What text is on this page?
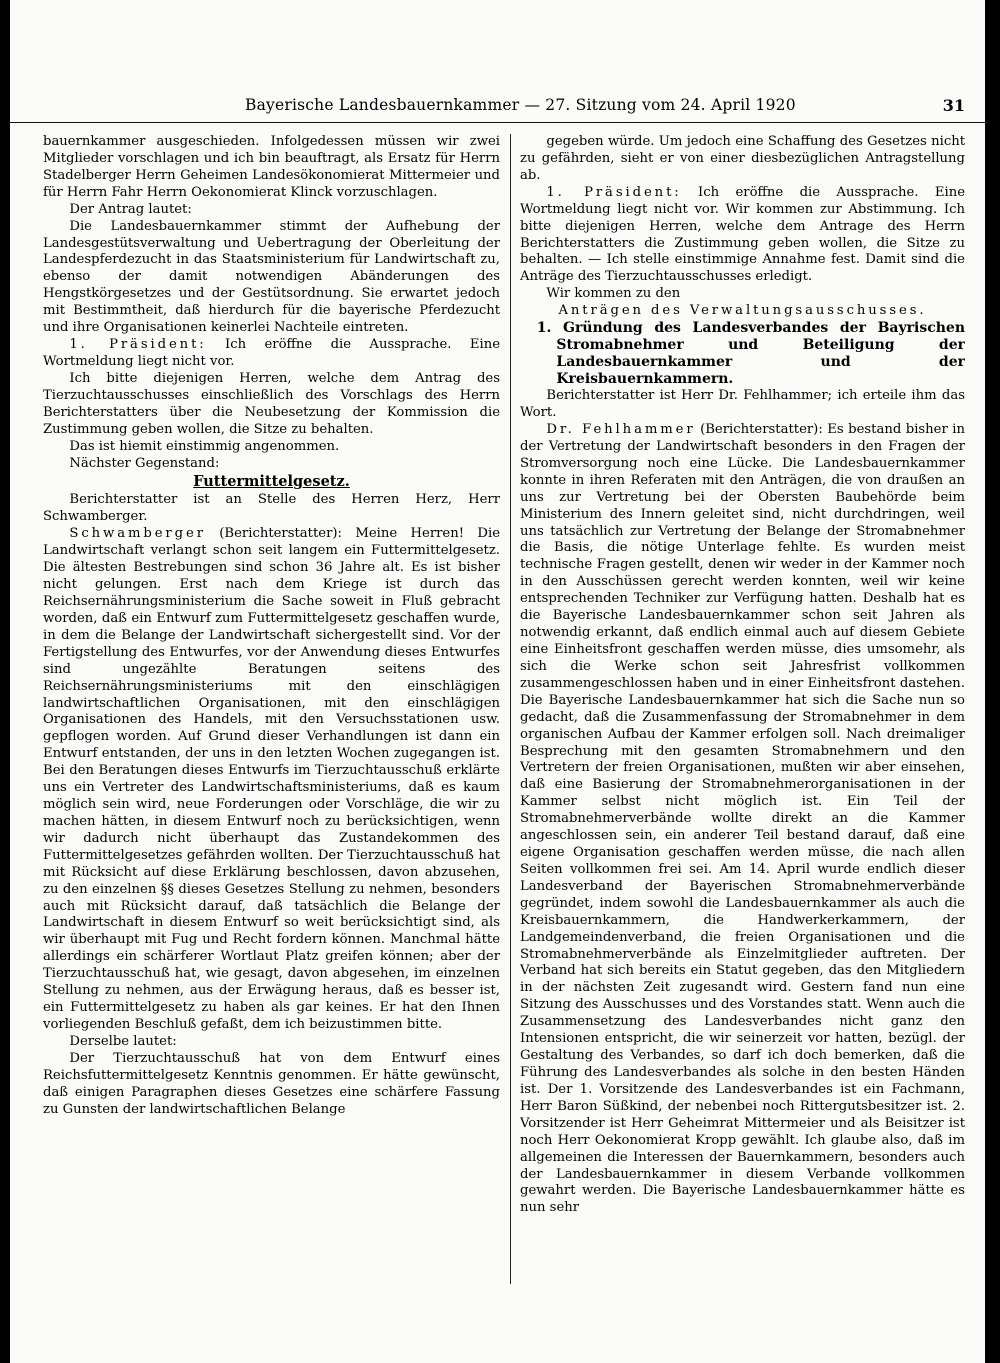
Bayerische Landesbauernkammer — 27. Sitzung vom 24. April 1920	31

bauernkammer ausgeschieden. Infolgedessen müssen wir zwei Mitglieder vorschlagen und ich bin beauftragt, als Ersatz für Herrn Stadelberger Herrn Geheimen Landesökonomierat Mittermeier und für Herrn Fahr Herrn Oekonomierat Klinck vorzuschlagen.

Der Antrag lautet:

Die Landesbauernkammer stimmt der Aufhebung der Landesgestütsverwaltung und Uebertragung der Oberleitung der Landespferdezucht in das Staatsministerium für Landwirtschaft zu, ebenso der damit notwendigen Abänderungen des Hengstkörgesetzes und der Gestütsordnung. Sie erwartet jedoch mit Bestimmtheit, daß hierdurch für die bayerische Pferdezucht und ihre Organisationen keinerlei Nachteile eintreten.

1. Präsident: Ich eröffne die Aussprache. Eine Wortmeldung liegt nicht vor.

Ich bitte diejenigen Herren, welche dem Antrag des Tierzuchtausschusses einschließlich des Vorschlags des Herrn Berichterstatters über die Neubesetzung der Kommission die Zustimmung geben wollen, die Sitze zu behalten.

Das ist hiemit einstimmig angenommen.

Nächster Gegenstand:

Futtermittelgesetz.

Berichterstatter ist an Stelle des Herren Herz, Herr Schwamberger.

Schwamberger (Berichterstatter): Meine Herren! Die Landwirtschaft verlangt schon seit langem ein Futtermittelgesetz. Die ältesten Bestrebungen sind schon 36 Jahre alt. Es ist bisher nicht gelungen. Erst nach dem Kriege ist durch das Reichsernährungsministerium die Sache soweit in Fluß gebracht worden, daß ein Entwurf zum Futtermittelgesetz geschaffen wurde, in dem die Belange der Landwirtschaft sichergestellt sind. Vor der Fertigstellung des Entwurfes, vor der Anwendung dieses Entwurfes sind ungezählte Beratungen seitens des Reichsernährungsministeriums mit den einschlägigen landwirtschaftlichen Organisationen, mit den einschlägigen Organisationen des Handels, mit den Versuchsstationen usw. gepflogen worden. Auf Grund dieser Verhandlungen ist dann ein Entwurf entstanden, der uns in den letzten Wochen zugegangen ist. Bei den Beratungen dieses Entwurfs im Tierzuchtausschuß erklärte uns ein Vertreter des Landwirtschaftsministeriums, daß es kaum möglich sein wird, neue Forderungen oder Vorschläge, die wir zu machen hätten, in diesem Entwurf noch zu berücksichtigen, wenn wir dadurch nicht überhaupt das Zustandekommen des Futtermittelgesetzes gefährden wollten. Der Tierzuchtausschuß hat mit Rücksicht auf diese Erklärung beschlossen, davon abzusehen, zu den einzelnen §§ dieses Gesetzes Stellung zu nehmen, besonders auch mit Rücksicht darauf, daß tatsächlich die Belange der Landwirtschaft in diesem Entwurf so weit berücksichtigt sind, als wir überhaupt mit Fug und Recht fordern können. Manchmal hätte allerdings ein schärferer Wortlaut Platz greifen können; aber der Tierzuchtausschuß hat, wie gesagt, davon abgesehen, im einzelnen Stellung zu nehmen, aus der Erwägung heraus, daß es besser ist, ein Futtermittelgesetz zu haben als gar keines. Er hat den Ihnen vorliegenden Beschluß gefaßt, dem ich beizustimmen bitte.

Derselbe lautet:

Der Tierzuchtausschuß hat von dem Entwurf eines Reichsfuttermittelgesetz Kenntnis genommen. Er hätte gewünscht, daß einigen Paragraphen dieses Gesetzes eine schärfere Fassung zu Gunsten der landwirtschaftlichen Belange

gegeben würde. Um jedoch eine Schaffung des Gesetzes nicht zu gefährden, sieht er von einer diesbezüglichen Antragstellung ab.

1. Präsident: Ich eröffne die Aussprache. Eine Wortmeldung liegt nicht vor. Wir kommen zur Abstimmung. Ich bitte diejenigen Herren, welche dem Antrage des Herrn Berichterstatters die Zustimmung geben wollen, die Sitze zu behalten. — Ich stelle einstimmige Annahme fest. Damit sind die Anträge des Tierzuchtausschusses erledigt.

Wir kommen zu den

Anträgen des Verwaltungsausschusses.

1. Gründung des Landesverbandes der Bayrischen Stromabnehmer und Beteiligung der Landesbauernkammer und der Kreisbauernkammern.

Berichterstatter ist Herr Dr. Fehlhammer; ich erteile ihm das Wort.

Dr. Fehlhammer (Berichterstatter): Es bestand bisher in der Vertretung der Landwirtschaft besonders in den Fragen der Stromversorgung noch eine Lücke. Die Landesbauernkammer konnte in ihren Referaten mit den Anträgen, die von draußen an uns zur Vertretung bei der Obersten Baubehörde beim Ministerium des Innern geleitet sind, nicht durchdringen, weil uns tatsächlich zur Vertretung der Belange der Stromabnehmer die Basis, die nötige Unterlage fehlte. Es wurden meist technische Fragen gestellt, denen wir weder in der Kammer noch in den Ausschüssen gerecht werden konnten, weil wir keine entsprechenden Techniker zur Verfügung hatten. Deshalb hat es die Bayerische Landesbauernkammer schon seit Jahren als notwendig erkannt, daß endlich einmal auch auf diesem Gebiete eine Einheitsfront geschaffen werden müsse, dies umsomehr, als sich die Werke schon seit Jahresfrist vollkommen zusammengeschlossen haben und in einer Einheitsfront dastehen. Die Bayerische Landesbauernkammer hat sich die Sache nun so gedacht, daß die Zusammenfassung der Stromabnehmer in dem organischen Aufbau der Kammer erfolgen soll. Nach dreimaliger Besprechung mit den gesamten Stromabnehmern und den Vertretern der freien Organisationen, mußten wir aber einsehen, daß eine Basierung der Stromabnehmerorganisationen in der Kammer selbst nicht möglich ist. Ein Teil der Stromabnehmerverbände wollte direkt an die Kammer angeschlossen sein, ein anderer Teil bestand darauf, daß eine eigene Organisation geschaffen werden müsse, die nach allen Seiten vollkommen frei sei. Am 14. April wurde endlich dieser Landesverband der Bayerischen Stromabnehmerverbände gegründet, indem sowohl die Landesbauernkammer als auch die Kreisbauernkammern, die Handwerkerkammern, der Landgemeindenverband, die freien Organisationen und die Stromabnehmerverbände als Einzelmitglieder auftreten. Der Verband hat sich bereits ein Statut gegeben, das den Mitgliedern in der nächsten Zeit zugesandt wird. Gestern fand nun eine Sitzung des Ausschusses und des Vorstandes statt. Wenn auch die Zusammensetzung des Landesverbandes nicht ganz den Intensionen entspricht, die wir seinerzeit vor hatten, bezügl. der Gestaltung des Verbandes, so darf ich doch bemerken, daß die Führung des Landesverbandes als solche in den besten Händen ist. Der 1. Vorsitzende des Landesverbandes ist ein Fachmann, Herr Baron Süßkind, der nebenbei noch Rittergutsbesitzer ist. 2. Vorsitzender ist Herr Geheimrat Mittermeier und als Beisitzer ist noch Herr Oekonomierat Kropp gewählt. Ich glaube also, daß im allgemeinen die Interessen der Bauernkammern, besonders auch der Landesbauernkammer in diesem Verbande vollkommen gewahrt werden. Die Bayerische Landesbauernkammer hätte es nun sehr
